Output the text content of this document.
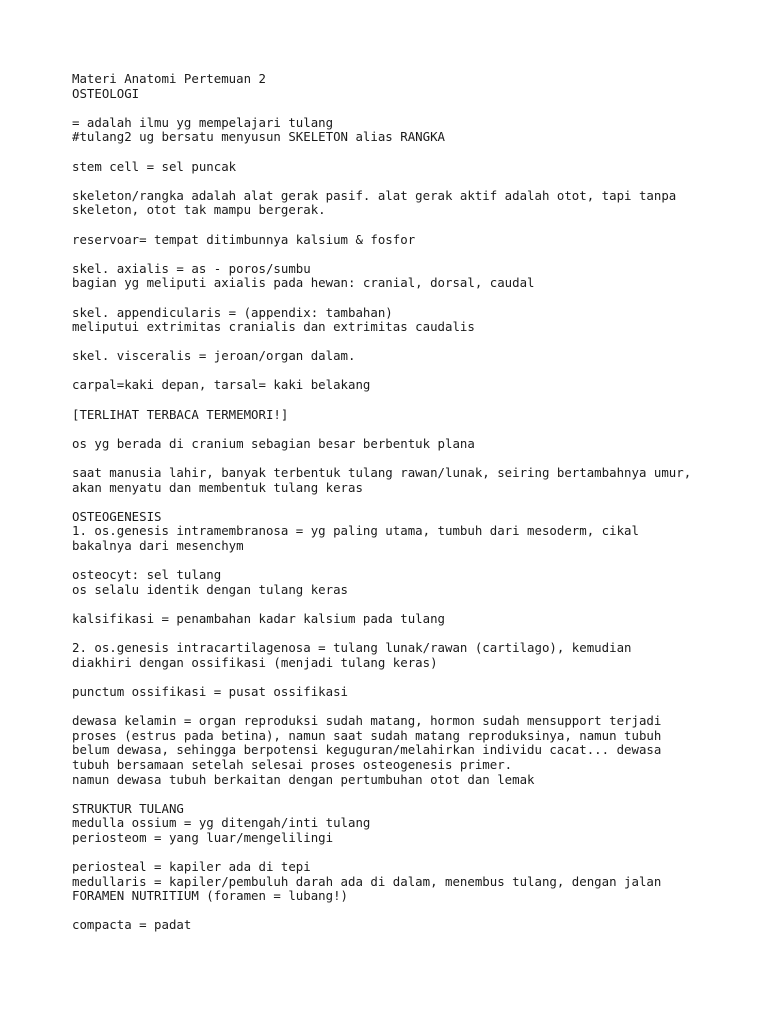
Materi Anatomi Pertemuan 2
OSTEOLOGI
= adalah ilmu yg mempelajari tulang
#tulang2 ug bersatu menyusun SKELETON alias RANGKA
stem cell = sel puncak
skeleton/rangka adalah alat gerak pasif. alat gerak aktif adalah otot, tapi tanpa
skeleton, otot tak mampu bergerak.
reservoar= tempat ditimbunnya kalsium & fosfor
skel. axialis = as - poros/sumbu
bagian yg meliputi axialis pada hewan: cranial, dorsal, caudal
skel. appendicularis = (appendix: tambahan)
meliputui extrimitas cranialis dan extrimitas caudalis
skel. visceralis = jeroan/organ dalam.
carpal=kaki depan, tarsal= kaki belakang
[TERLIHAT TERBACA TERMEMORI!]
os yg berada di cranium sebagian besar berbentuk plana
saat manusia lahir, banyak terbentuk tulang rawan/lunak, seiring bertambahnya umur,
akan menyatu dan membentuk tulang keras
OSTEOGENESIS
1. os.genesis intramembranosa = yg paling utama, tumbuh dari mesoderm, cikal
bakalnya dari mesenchym
osteocyt: sel tulang
os selalu identik dengan tulang keras
kalsifikasi = penambahan kadar kalsium pada tulang
2. os.genesis intracartilagenosa = tulang lunak/rawan (cartilago), kemudian
diakhiri dengan ossifikasi (menjadi tulang keras)
punctum ossifikasi = pusat ossifikasi
dewasa kelamin = organ reproduksi sudah matang, hormon sudah mensupport terjadi
proses (estrus pada betina), namun saat sudah matang reproduksinya, namun tubuh
belum dewasa, sehingga berpotensi keguguran/melahirkan individu cacat... dewasa
tubuh bersamaan setelah selesai proses osteogenesis primer.
namun dewasa tubuh berkaitan dengan pertumbuhan otot dan lemak
STRUKTUR TULANG
medulla ossium = yg ditengah/inti tulang
periosteom = yang luar/mengelilingi
periosteal = kapiler ada di tepi
medullaris = kapiler/pembuluh darah ada di dalam, menembus tulang, dengan jalan
FORAMEN NUTRITIUM (foramen = lubang!)
compacta = padat
